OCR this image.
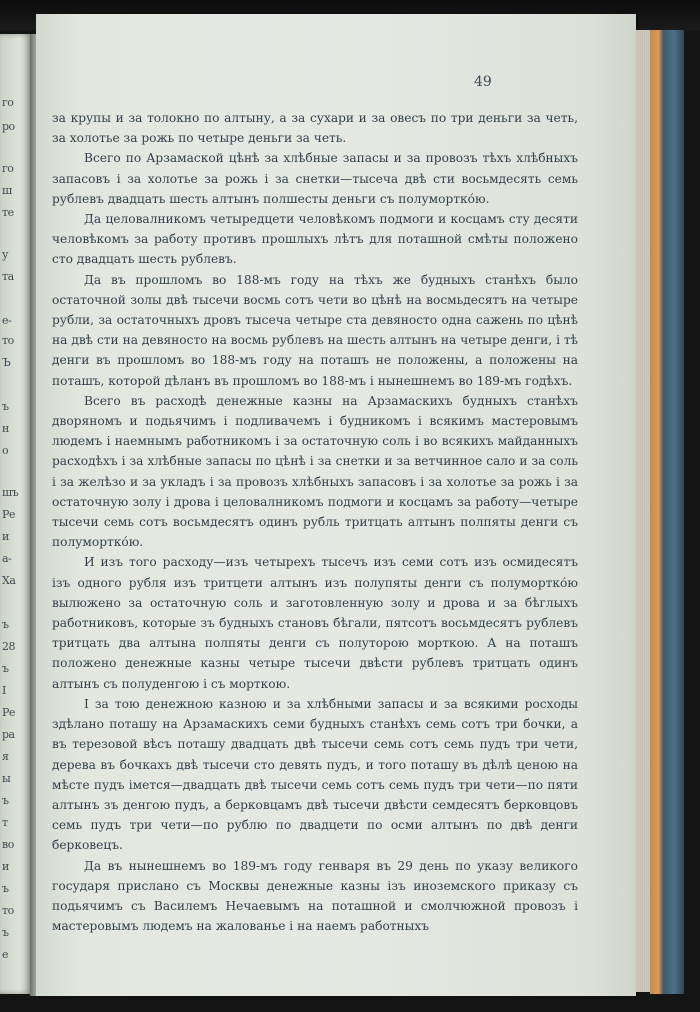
го
ро
го
ш
те
у
та
е-
то
Ъ
ъ
н
о
шъ
Ре
и
а-
Ха
ъ
28
ъ
I
Ре
ра
я
ы
ъ
т
во
и
ъ
то
ъ
е
49

за крупы и за толокно по алтыну, а за сухари и за овесъ по три деньги за четь, за холотье за рожь по четыре деньги за четь.

Всего по Арзамаской цѣнѣ за хлѣбные запасы и за провозъ тѣхъ хлѣбныхъ запасовъ і за холотье за рожь і за снетки—тысеча двѣ сти восьмдесять семь рублевъ двадцать шесть алтынъ полшесты деньги съ полумортко́ю.

Да целовалникомъ четыредцети человѣкомъ подмоги и косцамъ сту десяти человѣкомъ за работу противъ прошлыхъ лѣтъ для поташной смѣты положено сто двадцать шесть рублевъ.

Да въ прошломъ во 188-мъ году на тѣхъ же будныхъ станѣхъ было остаточной золы двѣ тысечи восмь сотъ чети во цѣнѣ на восмьдесятъ на четыре рубли, за остаточныхъ дровъ тысеча четыре ста девяносто одна сажень по цѣнѣ на двѣ сти на девяносто на восмь рублевъ на шесть алтынъ на четыре денги, і тѣ денги въ прошломъ во 188-мъ году на поташъ не положены, а положены на поташъ, которой дѣланъ въ прошломъ во 188-мъ і нынешнемъ во 189-мъ годѣхъ.

Всего въ расходѣ денежные казны на Арзамаскихъ будныхъ станѣхъ дворяномъ и подьячимъ і подливачемъ і будникомъ і всякимъ мастеровымъ людемъ і наемнымъ работникомъ і за остаточную соль і во всякихъ майданныхъ расходѣхъ і за хлѣбные запасы по цѣнѣ і за снетки и за ветчинное сало и за соль і за желѣзо и за укладъ і за провозъ хлѣбныхъ запасовъ і за холотье за рожь і за остаточную золу і дрова і целовалникомъ подмоги и косцамъ за работу—четыре тысечи семь сотъ восьмдесятъ одинъ рубль тритцать алтынъ полпяты денги съ полумортко́ю.

И изъ того расходу—изъ четырехъ тысечъ изъ семи сотъ изъ осмидесятъ ізъ одного рубля изъ тритцети алтынъ изъ полупяты денги съ полумортко́ю вылюжено за остаточную соль и заготовленную золу и дрова и за бѣглыхъ работниковъ, которые зъ будныхъ становъ бѣгали, пятсотъ восьмдесятъ рублевъ тритцать два алтына полпяты денги съ полуторою морткою. А на поташъ положено денежные казны четыре тысечи двѣсти рублевъ тритцать одинъ алтынъ съ полуденгою і съ морткою.

І за тою денежною казною и за хлѣбными запасы и за всякими росходы здѣлано поташу на Арзамаскихъ семи будныхъ станѣхъ семь сотъ три бочки, а въ терезовой вѣсъ поташу двадцать двѣ тысечи семь сотъ семь пудъ три чети, дерева въ бочкахъ двѣ тысечи сто девять пудъ, и того поташу въ дѣлѣ ценою на мѣсте пудъ імется—двадцать двѣ тысечи семь сотъ семь пудъ три чети—по пяти алтынъ зъ денгою пудъ, а берковцамъ двѣ тысечи двѣсти семдесятъ берковцовъ семь пудъ три чети—по рублю по двадцети по осми алтынъ по двѣ денги берковецъ.

Да въ нынешнемъ во 189-мъ году генваря въ 29 день по указу великого государя прислано съ Москвы денежные казны ізъ иноземского приказу съ подьячимъ съ Василемъ Нечаевымъ на поташной и смолчюжной провозъ і мастеровымъ людемъ на жалованье і на наемъ работныхъ
